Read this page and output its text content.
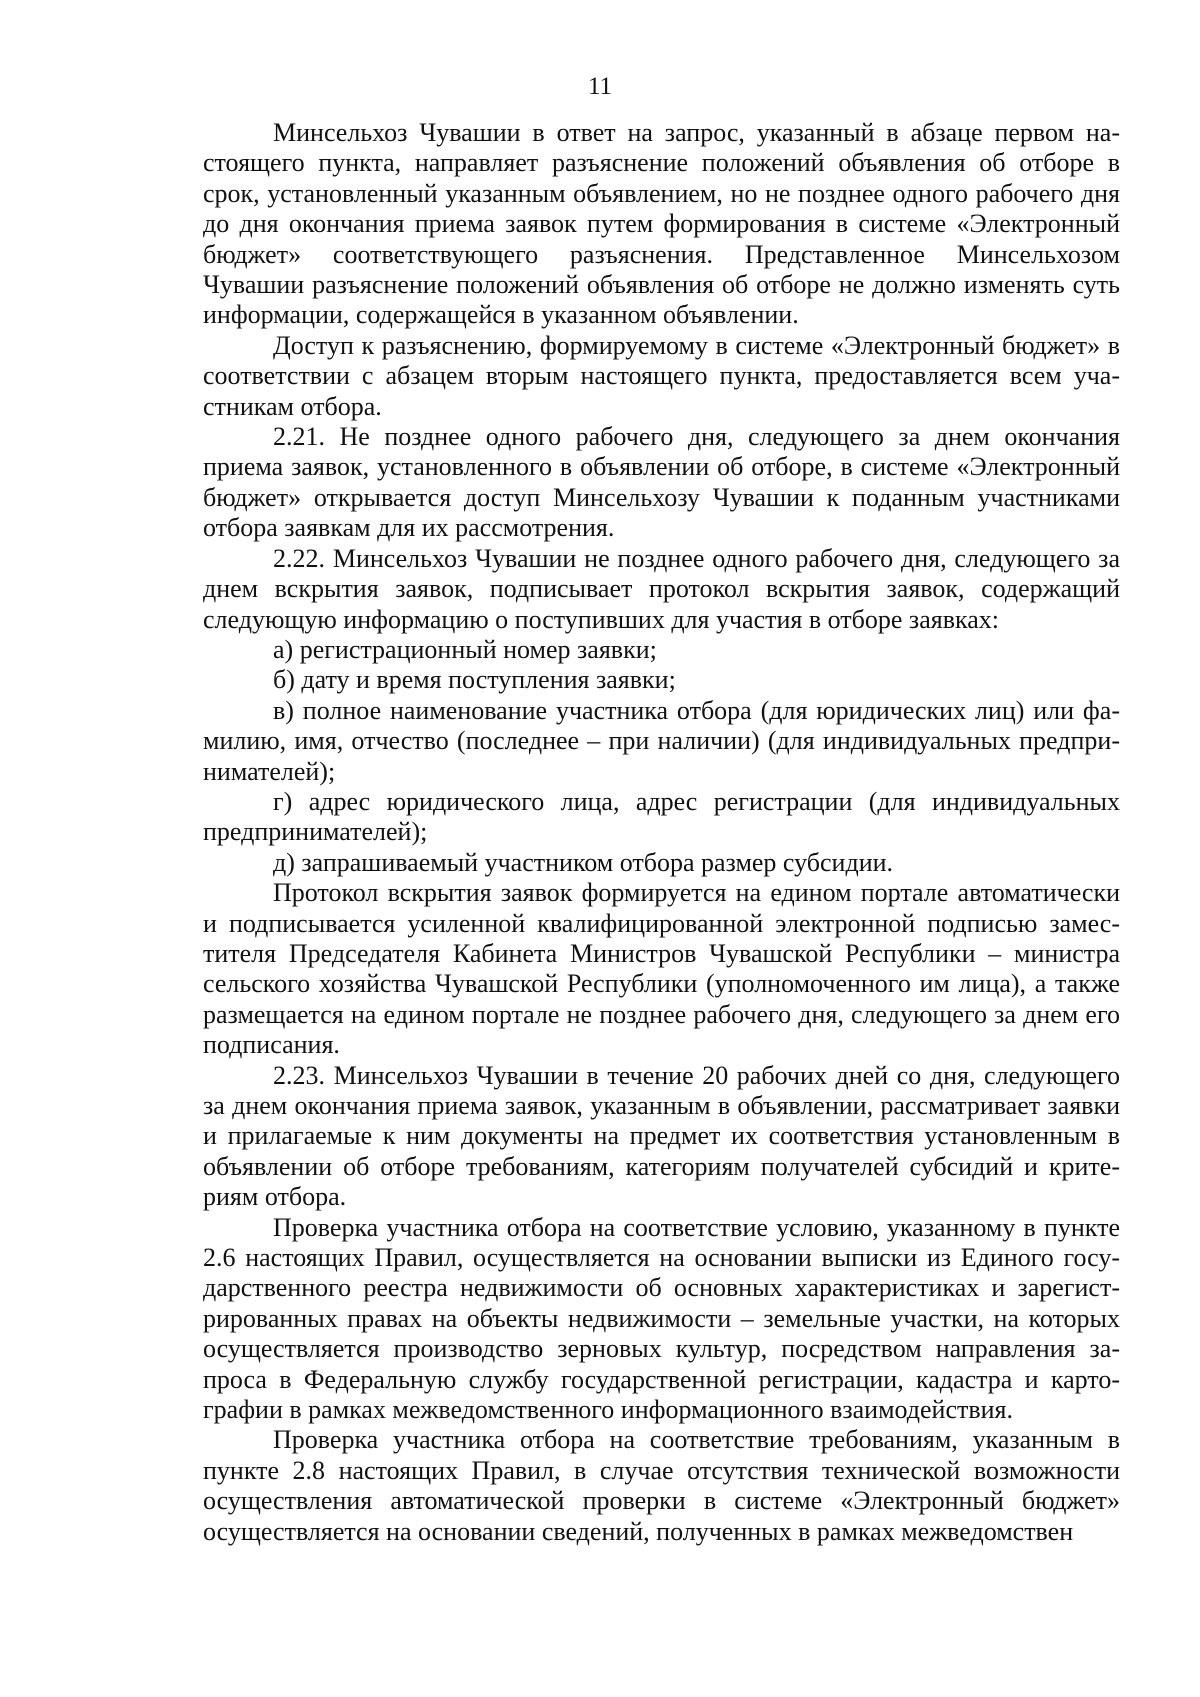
11

Минсельхоз Чувашии в ответ на запрос, указанный в абзаце первом настоящего пункта, направляет разъяснение положений объявления об отборе в срок, установленный указанным объявлением, но не позднее одного рабочего дня до дня окончания приема заявок путем формирования в системе «Электронный бюджет» соответствующего разъяснения. Представленное Минсельхозом Чувашии разъяснение положений объявления об отборе не должно изменять суть информации, содержащейся в указанном объявлении.

Доступ к разъяснению, формируемому в системе «Электронный бюджет» в соответствии с абзацем вторым настоящего пункта, предоставляется всем участникам отбора.

2.21. Не позднее одного рабочего дня, следующего за днем окончания приема заявок, установленного в объявлении об отборе, в системе «Электронный бюджет» открывается доступ Минсельхозу Чувашии к поданным участниками отбора заявкам для их рассмотрения.

2.22. Минсельхоз Чувашии не позднее одного рабочего дня, следующего за днем вскрытия заявок, подписывает протокол вскрытия заявок, содержащий следующую информацию о поступивших для участия в отборе заявках:

а) регистрационный номер заявки;

б) дату и время поступления заявки;

в) полное наименование участника отбора (для юридических лиц) или фамилию, имя, отчество (последнее – при наличии) (для индивидуальных предпринимателей);

г) адрес юридического лица, адрес регистрации (для индивидуальных предпринимателей);

д) запрашиваемый участником отбора размер субсидии.

Протокол вскрытия заявок формируется на едином портале автоматически и подписывается усиленной квалифицированной электронной подписью заместителя Председателя Кабинета Министров Чувашской Республики – министра сельского хозяйства Чувашской Республики (уполномоченного им лица), а также размещается на едином портале не позднее рабочего дня, следующего за днем его подписания.

2.23. Минсельхоз Чувашии в течение 20 рабочих дней со дня, следующего за днем окончания приема заявок, указанным в объявлении, рассматривает заявки и прилагаемые к ним документы на предмет их соответствия установленным в объявлении об отборе требованиям, категориям получателей субсидий и критериям отбора.

Проверка участника отбора на соответствие условию, указанному в пункте 2.6 настоящих Правил, осуществляется на основании выписки из Единого государственного реестра недвижимости об основных характеристиках и зарегистрированных правах на объекты недвижимости – земельные участки, на которых осуществляется производство зерновых культур, посредством направления запроса в Федеральную службу государственной регистрации, кадастра и картографии в рамках межведомственного информационного взаимодействия.

Проверка участника отбора на соответствие требованиям, указанным в пункте 2.8 настоящих Правил, в случае отсутствия технической возможности осуществления автоматической проверки в системе «Электронный бюджет» осуществляется на основании сведений, полученных в рамках межведомствен
